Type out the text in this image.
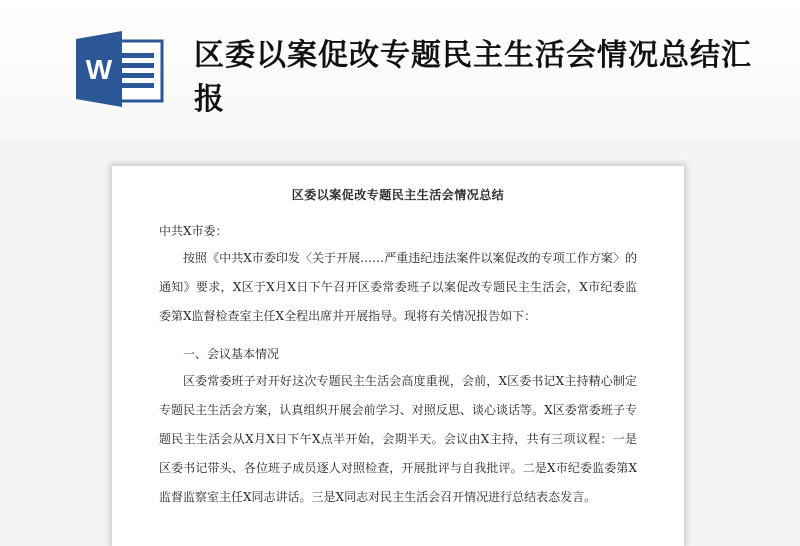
W	区委以案促改专题民主生活会情况总结汇报

区委以案促改专题民主生活会情况总结

中共X市委：

按照《中共X市委印发〈关于开展……严重违纪违法案件以案促改的专项工作方案〉的通知》要求，X区于X月X日下午召开区委常委班子以案促改专题民主生活会，X市纪委监委第X监督检查室主任X全程出席并开展指导。现将有关情况报告如下：

一、会议基本情况

区委常委班子对开好这次专题民主生活会高度重视，会前，X区委书记X主持精心制定专题民主生活会方案，认真组织开展会前学习、对照反思、谈心谈话等。X区委常委班子专题民主生活会从X月X日下午X点半开始，会期半天。会议由X主持，共有三项议程：一是区委书记带头、各位班子成员逐人对照检查，开展批评与自我批评。二是X市纪委监委第X监督监察室主任X同志讲话。三是X同志对民主生活会召开情况进行总结表态发言。
